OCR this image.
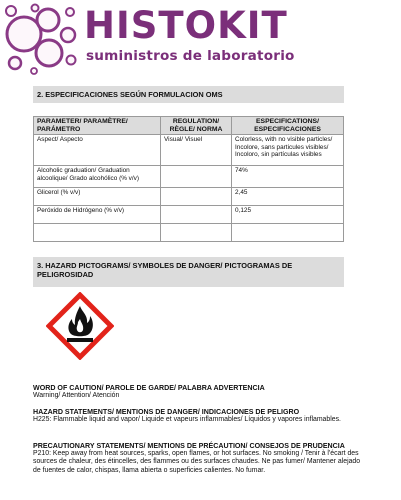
HISTOKIT
suministros de laboratorio
2. ESPECIFICACIONES SEGÚN FORMULACION OMS
PARAMETER/ PARAMÈTRE/ PARÁMETRO	REGULATION/ RÈGLE/ NORMA	ESPECIFICATIONS/ ESPECIFICACIONES
Aspect/ Aspecto	Visual/ Visuel	Colorless, with no visible particles/ Incolore, sans particules visibles/ Incoloro, sin partículas visibles
Alcoholic graduation/ Graduation alcoolique/ Grado alcohólico (% v/v)		74%
Glicerol (% v/v)		2,45
Peróxido de Hidrógeno (% v/v)		0,125

3. HAZARD PICTOGRAMS/ SYMBOLES DE DANGER/ PICTOGRAMAS DE PELIGROSIDAD
WORD OF CAUTION/ PAROLE DE GARDE/ PALABRA ADVERTENCIA
Warning/ Attention/ Atención
HAZARD STATEMENTS/ MENTIONS DE DANGER/ INDICACIONES DE PELIGRO
H225: Flammable liquid and vapor/ Liquide et vapeurs inflammables/ Líquidos y vapores inflamables.
PRECAUTIONARY STATEMENTS/ MENTIONS DE PRÉCAUTION/ CONSEJOS DE PRUDENCIA
P210: Keep away from heat sources, sparks, open flames, or hot surfaces. No smoking / Tenir à l'écart des sources de chaleur, des étincelles, des flammes ou des surfaces chaudes. Ne pas fumer/ Mantener alejado de fuentes de calor, chispas, llama abierta o superficies calientes. No fumar.
